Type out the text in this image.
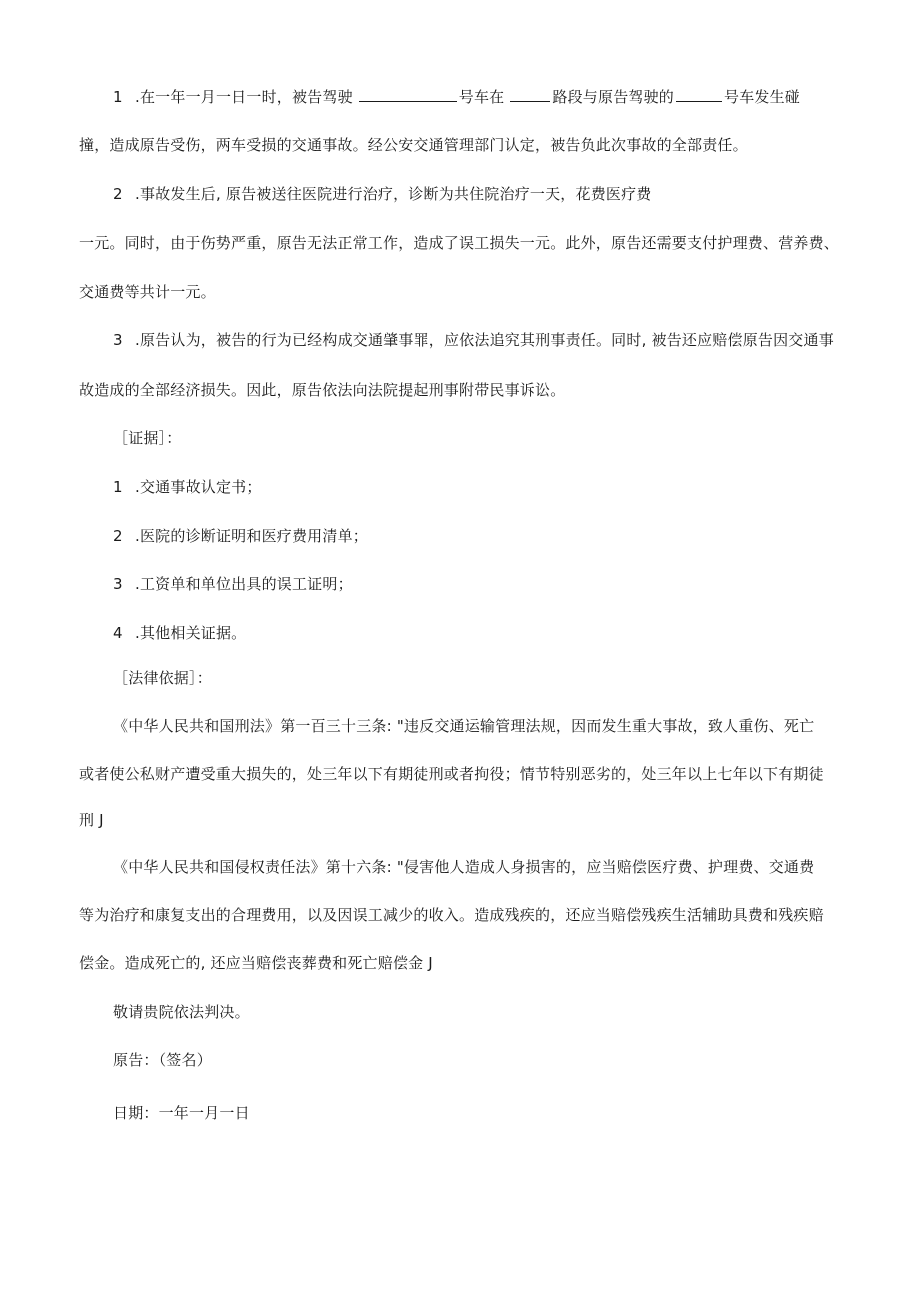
1 .在一年一月一日一时，被告驾驶	号车在	路段与原告驾驶的	号车发生碰
撞，造成原告受伤，两车受损的交通事故。经公安交通管理部门认定，被告负此次事故的全部责任。
2 .事故发生后, 原告被送往医院进行治疗，诊断为共住院治疗一天，花费医疗费
一元。同时，由于伤势严重，原告无法正常工作，造成了误工损失一元。此外，原告还需要支付护理费、营养费、
交通费等共计一元。
3 .原告认为，被告的行为已经构成交通肇事罪，应依法追究其刑事责任。同时, 被告还应赔偿原告因交通事
故造成的全部经济损失。因此，原告依法向法院提起刑事附带民事诉讼。
［证据］：
1 .交通事故认定书；
2 .医院的诊断证明和医疗费用清单；
3 .工资单和单位出具的误工证明；
4 .其他相关证据。
［法律依据］：
《中华人民共和国刑法》第一百三十三条: "违反交通运输管理法规，因而发生重大事故，致人重伤、死亡
或者使公私财产遭受重大损失的，处三年以下有期徒刑或者拘役；情节特别恶劣的，处三年以上七年以下有期徒
刑 J
《中华人民共和国侵权责任法》第十六条: "侵害他人造成人身损害的，应当赔偿医疗费、护理费、交通费
等为治疗和康复支出的合理费用，以及因误工减少的收入。造成残疾的，还应当赔偿残疾生活辅助具费和残疾赔
偿金。造成死亡的, 还应当赔偿丧葬费和死亡赔偿金 J
敬请贵院依法判决。
原告：（签名）
日期：一年一月一日
